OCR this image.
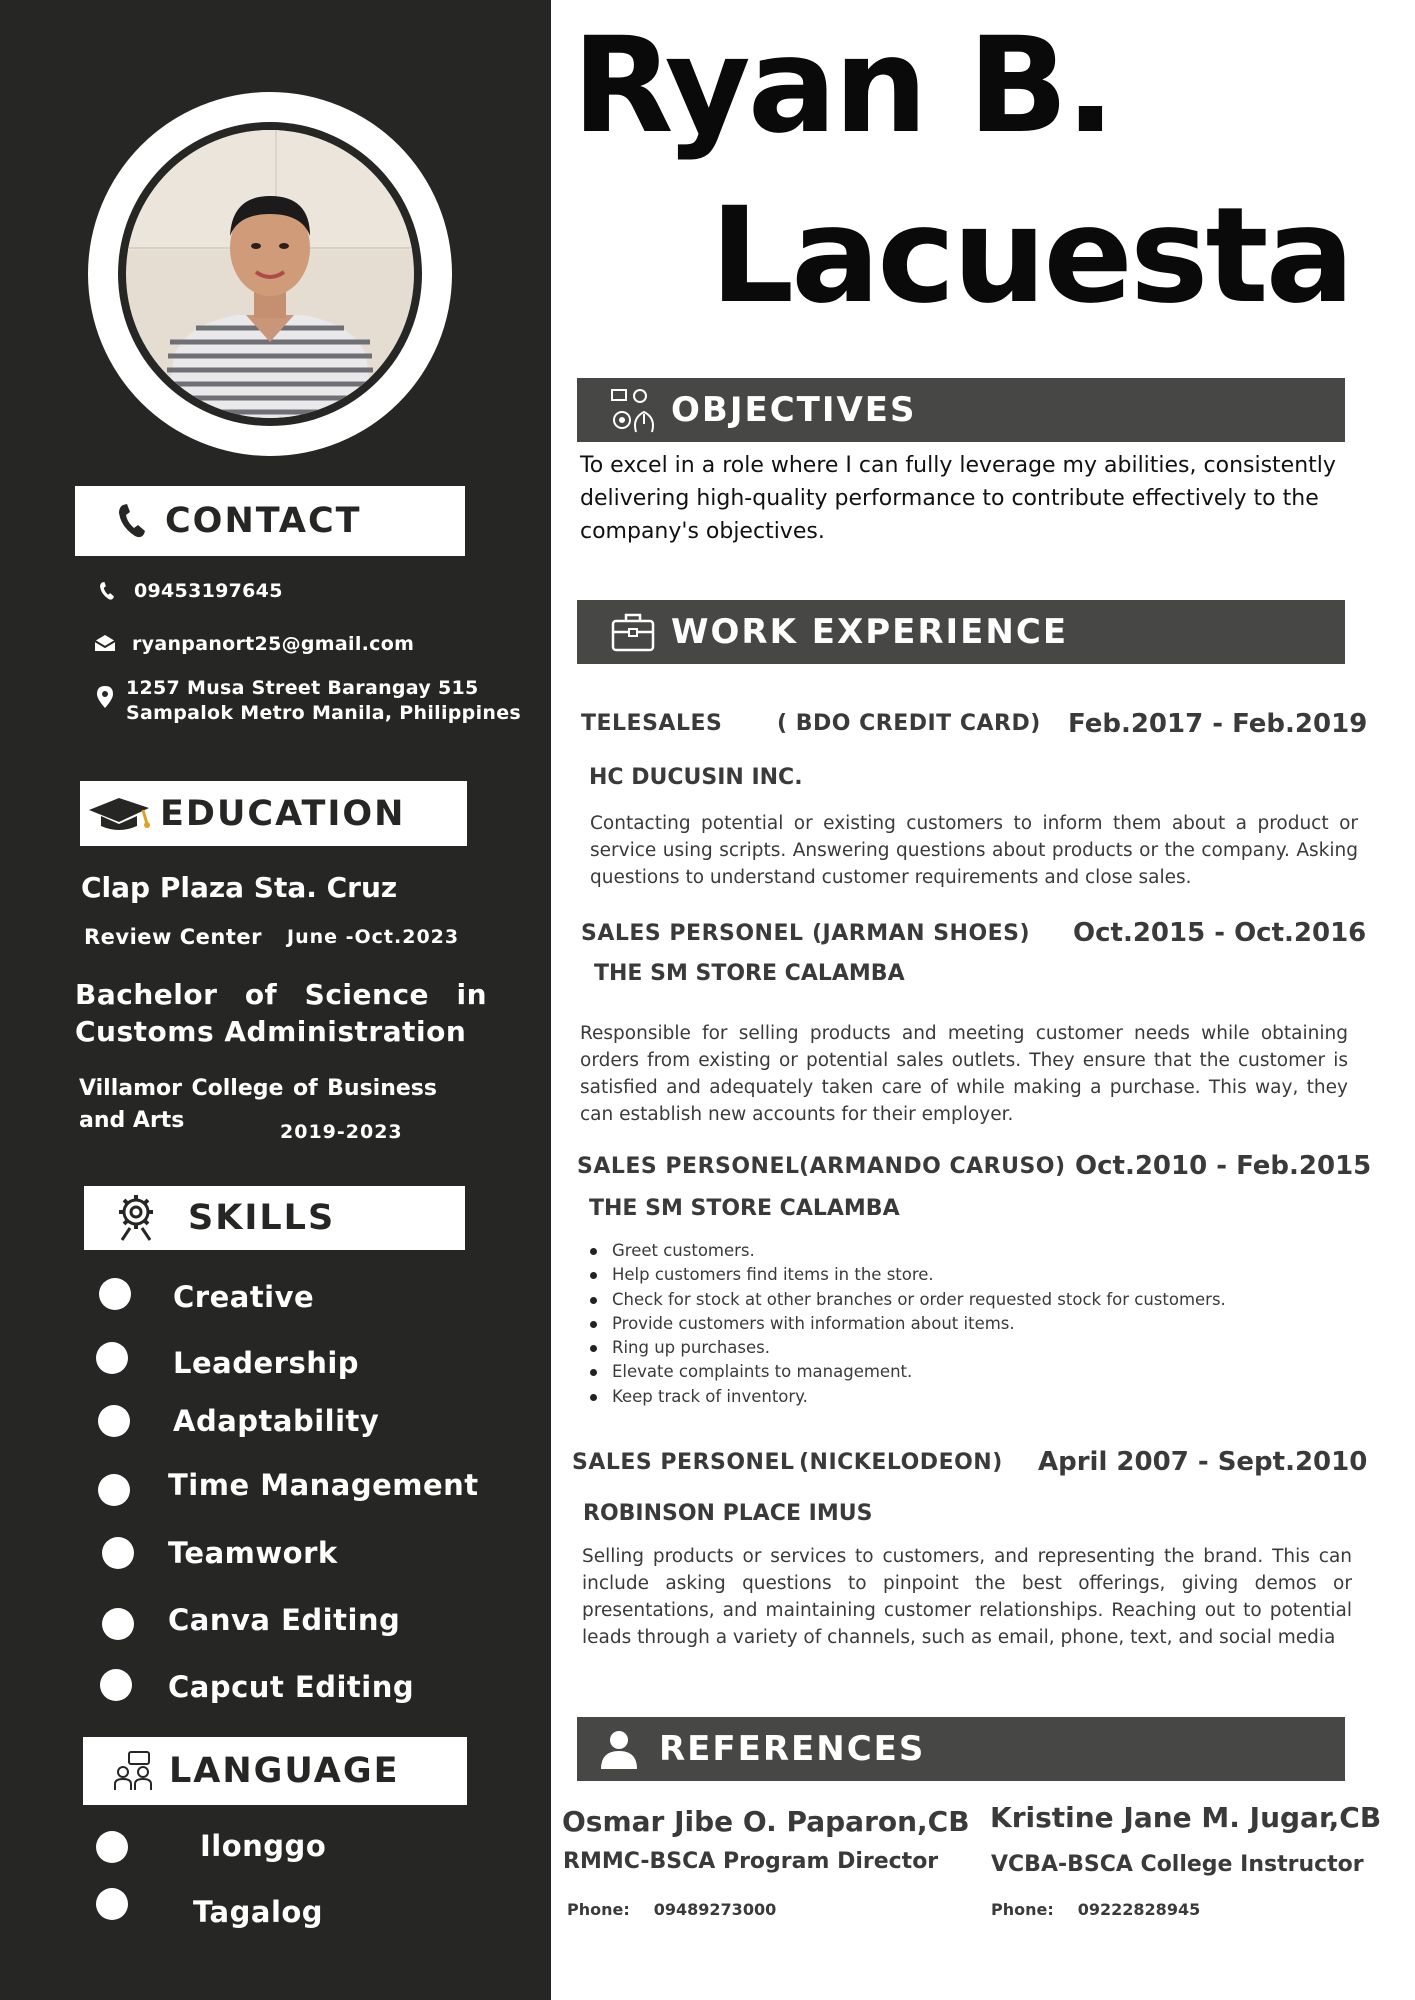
CONTACT
09453197645
ryanpanort25@gmail.com
1257 Musa Street Barangay 515
Sampalok Metro Manila, Philippines
EDUCATION
Clap Plaza Sta. Cruz
Review Center June -Oct.2023
Bachelor of Science in
Customs Administration
Villamor College of Business
and Arts	2019-2023
SKILLS
Creative
Leadership
Adaptability
Time Management
Teamwork
Canva Editing
Capcut Editing
LANGUAGE
Ilonggo
Tagalog
Ryan B.
Lacuesta
OBJECTIVES
To excel in a role where I can fully leverage my abilities, consistently delivering high-quality performance to contribute effectively to the company's objectives.
WORK EXPERIENCE
TELESALES ( BDO CREDIT CARD) Feb.2017 - Feb.2019
HC DUCUSIN INC.
Contacting potential or existing customers to inform them about a product or service using scripts. Answering questions about products or the company. Asking questions to understand customer requirements and close sales.
SALES PERSONEL (JARMAN SHOES) Oct.2015 - Oct.2016
THE SM STORE CALAMBA
Responsible for selling products and meeting customer needs while obtaining orders from existing or potential sales outlets. They ensure that the customer is satisfied and adequately taken care of while making a purchase. This way, they can establish new accounts for their employer.
SALES PERSONEL (ARMANDO CARUSO) Oct.2010 - Feb.2015
THE SM STORE CALAMBA
Greet customers.
Help customers find items in the store.
Check for stock at other branches or order requested stock for customers.
Provide customers with information about items.
Ring up purchases.
Elevate complaints to management.
Keep track of inventory.
SALES PERSONEL (NICKELODEON) April 2007 - Sept.2010
ROBINSON PLACE IMUS
Selling products or services to customers, and representing the brand. This can include asking questions to pinpoint the best offerings, giving demos or presentations, and maintaining customer relationships. Reaching out to potential leads through a variety of channels, such as email, phone, text, and social media
REFERENCES
Osmar Jibe O. Paparon,CB
RMMC-BSCA Program Director
Phone: 09489273000
Kristine Jane M. Jugar,CB
VCBA-BSCA College Instructor
Phone: 09222828945
